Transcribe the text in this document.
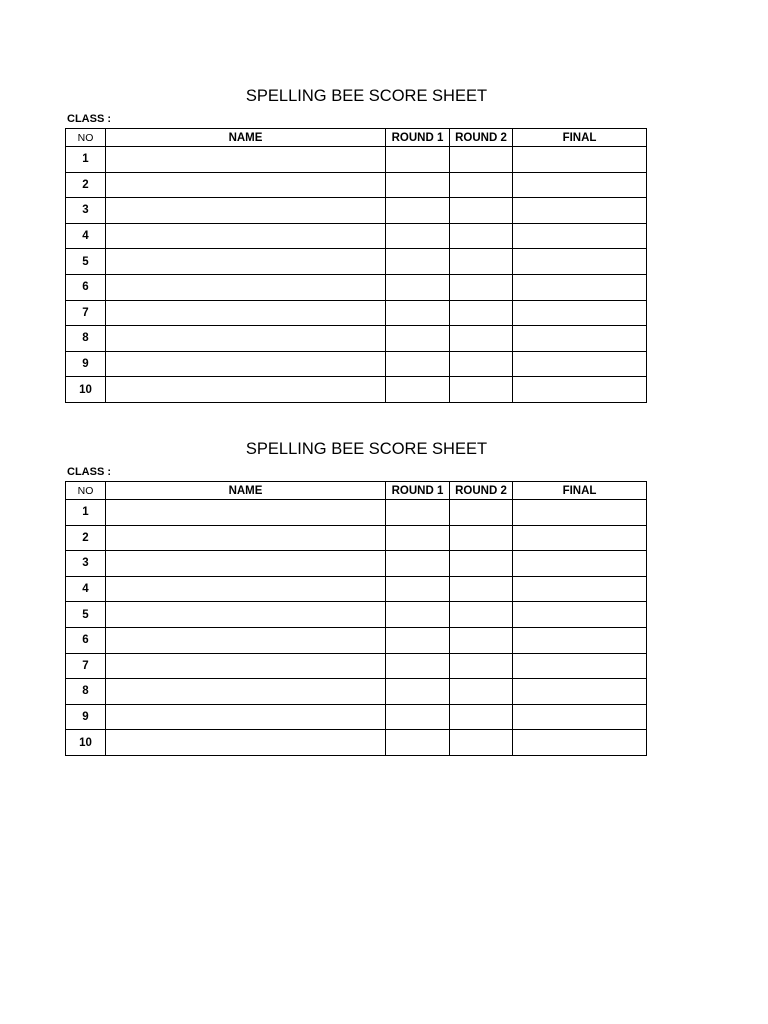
SPELLING BEE SCORE SHEET
CLASS :
NO	NAME	ROUND 1	ROUND 2	FINAL
1				
2				
3				
4				
5				
6				
7				
8				
9				
10				
SPELLING BEE SCORE SHEET
CLASS :
NO	NAME	ROUND 1	ROUND 2	FINAL
1				
2				
3				
4				
5				
6				
7				
8				
9				
10				
